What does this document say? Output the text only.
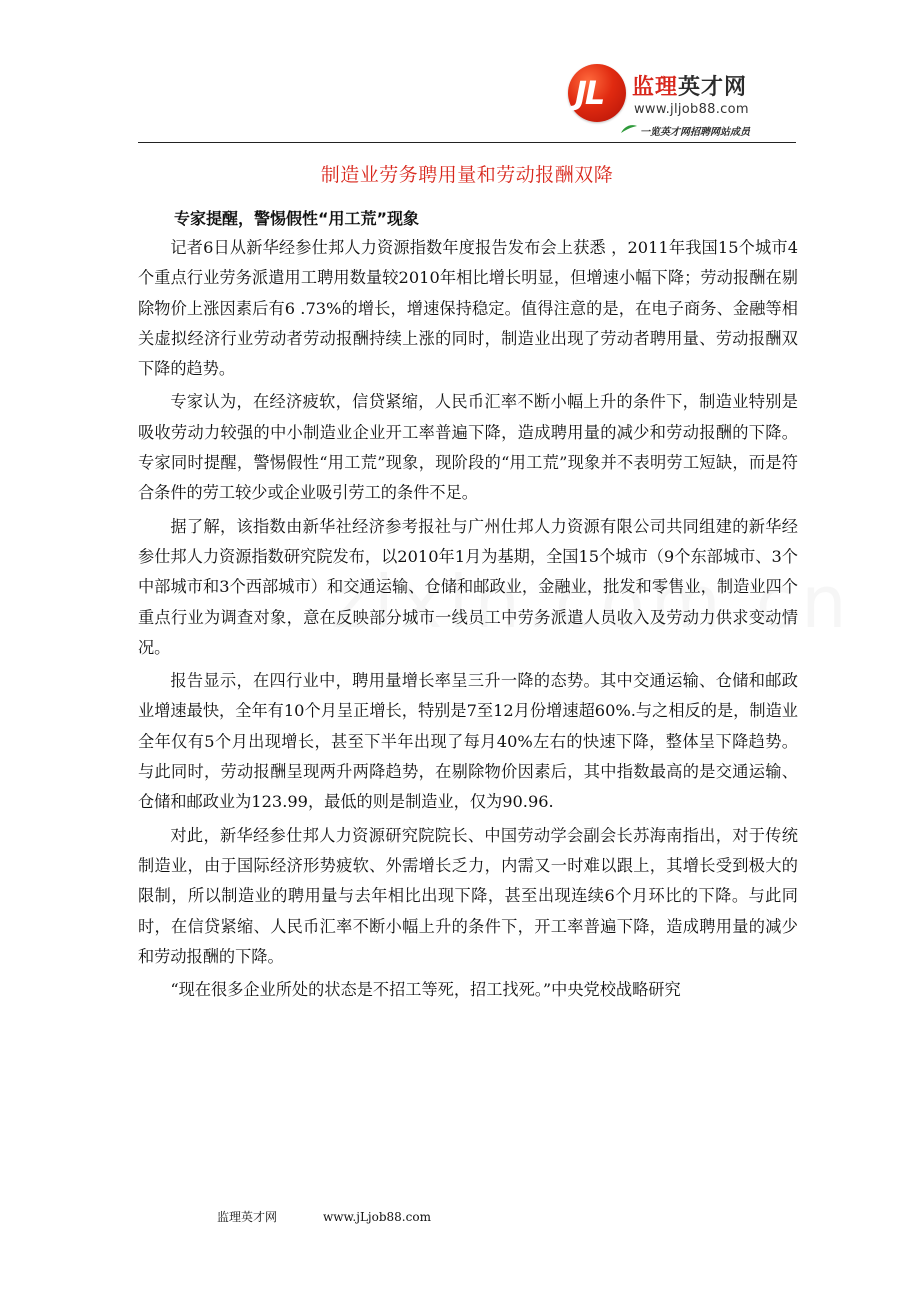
JL 监理英才网
www.jljob88.com
一览英才网招聘网站成员
制造业劳务聘用量和劳动报酬双降
专家提醒，警惕假性“用工荒”现象

记者6日从新华经参仕邦人力资源指数年度报告发布会上获悉 ，2011年我国15个城市4个重点行业劳务派遣用工聘用数量较2010年相比增长明显，但增速小幅下降；劳动报酬在剔除物价上涨因素后有6 .73%的增长，增速保持稳定。值得注意的是，在电子商务、金融等相关虚拟经济行业劳动者劳动报酬持续上涨的同时，制造业出现了劳动者聘用量、劳动报酬双下降的趋势。

专家认为，在经济疲软，信贷紧缩，人民币汇率不断小幅上升的条件下，制造业特别是吸收劳动力较强的中小制造业企业开工率普遍下降，造成聘用量的减少和劳动报酬的下降。专家同时提醒，警惕假性“用工荒”现象，现阶段的“用工荒”现象并不表明劳工短缺，而是符合条件的劳工较少或企业吸引劳工的条件不足。

据了解，该指数由新华社经济参考报社与广州仕邦人力资源有限公司共同组建的新华经参仕邦人力资源指数研究院发布，以2010年1月为基期，全国15个城市（9个东部城市、3个中部城市和3个西部城市）和交通运输、仓储和邮政业，金融业，批发和零售业，制造业四个重点行业为调查对象，意在反映部分城市一线员工中劳务派遣人员收入及劳动力供求变动情况。

报告显示，在四行业中，聘用量增长率呈三升一降的态势。其中交通运输、仓储和邮政业增速最快，全年有10个月呈正增长，特别是7至12月份增速超60%.与之相反的是，制造业全年仅有5个月出现增长，甚至下半年出现了每月40%左右的快速下降，整体呈下降趋势。与此同时，劳动报酬呈现两升两降趋势，在剔除物价因素后，其中指数最高的是交通运输、仓储和邮政业为123.99，最低的则是制造业，仅为90.96.

对此，新华经参仕邦人力资源研究院院长、中国劳动学会副会长苏海南指出，对于传统制造业，由于国际经济形势疲软、外需增长乏力，内需又一时难以跟上，其增长受到极大的限制，所以制造业的聘用量与去年相比出现下降，甚至出现连续6个月环比的下降。与此同时，在信贷紧缩、人民币汇率不断小幅上升的条件下，开工率普遍下降，造成聘用量的减少和劳动报酬的下降。

“现在很多企业所处的状态是不招工等死，招工找死。”中央党校战略研究

监理英才网	www.jLjob88.com
